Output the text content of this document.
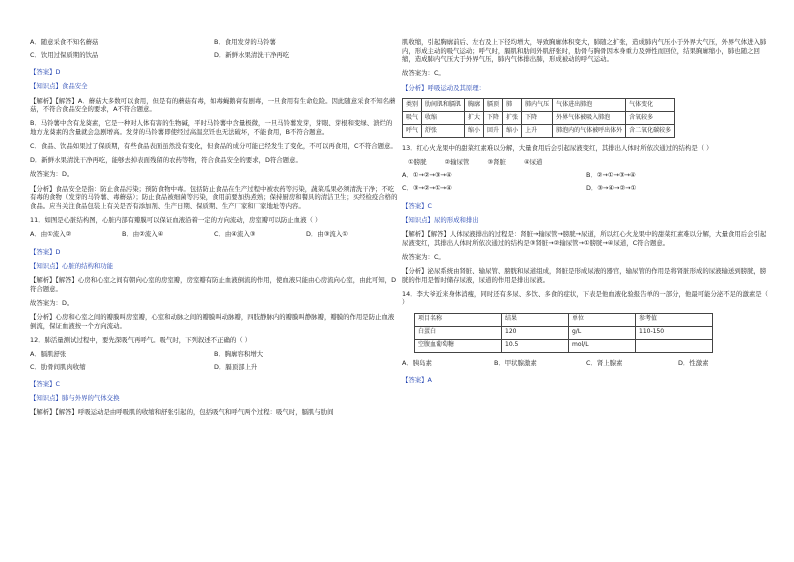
A．随意采食不知名蘑菇	B．食用发芽的马铃薯
C．饮用过保质期的饮品	D．新鲜水果清洗干净再吃

【答案】D

【知识点】食品安全

【解析】【解答】A．蘑菇大多数可以食用，但是有的蘑菇有毒，如毒蝇鹅膏有剧毒，一旦食用有生命危险。因此随意采食不知名蘑菇，不符合食品安全的要求，A不符合题意。

B．马铃薯中含有龙葵素，它是一种对人体有害的生物碱，平时马铃薯中含量极微，一旦马铃薯发芽，芽眼、芽根和变绿、溃烂的地方龙葵素的含量就会急剧增高。发芽的马铃薯即使经过高温烹饪也无法破坏，不能食用，B不符合题意。

C．食品、饮品如果过了保质期，有些食品表面虽然没有变化，但食品的成分可能已经发生了变化，不可以再食用，C不符合题意。

D．新鲜水果清洗干净再吃，能够去掉表面残留的农药等物，符合食品安全的要求，D符合题意。

故答案为：D。

【分析】食品安全是指：防止食品污染；预防食物中毒。包括防止食品在生产过程中被农药等污染，蔬菜瓜果必须清洗干净；不吃有毒的食物（发芽的马铃薯、毒蘑菇）；防止食品被细菌等污染，食用前要加热煮熟；保持厨房和餐具的清洁卫生；买经检疫合格的食品。应当关注食品包装上有关是否有添加剂、生产日期、保质期、生产厂家和厂家地址等内容。

11．如图是心脏结构图，心脏内部有瓣膜可以保证血液沿着一定的方向流动，房室瓣可以防止血液（ ）

A．由①流入②	B．由②流入④	C．由④流入③	D．由③流入①

【答案】D

【知识点】心脏的结构和功能

【解析】【解答】心房和心室之间有朝向心室的房室瓣，房室瓣有防止血液倒流的作用，使血液只能由心房流向心室，由此可知，D符合题意。

故答案为：D。

【分析】心房和心室之间的瓣膜叫房室瓣，心室和动脉之间的瓣膜叫动脉瓣，四肢静脉内的瓣膜叫静脉瓣，瓣膜的作用是防止血液倒流，保证血液按一个方向流动。

12．肺活量测试过程中，要先深吸气再呼气。吸气时，下列叙述不正确的（ ）

A．膈肌舒张	B．胸廓容积增大
C．肋骨间肌肉收缩	D．膈顶部上升

【答案】C

【知识点】肺与外界的气体交换

【解析】【解答】呼吸运动是由呼吸肌的收缩和舒张引起的，包括吸气和呼气两个过程：吸气时，膈肌与肋间

肌收缩，引起胸廓前后、左右及上下径均增大，导致胸廓体积变大，肺随之扩张，造成肺内气压小于外界大气压，外界气体进入肺内，形成主动的吸气运动；呼气时，膈肌和肋间外肌舒张时，肋骨与胸骨因本身重力及弹性而回位，结果胸廓缩小，肺也随之回缩，造成肺内气压大于外界气压，肺内气体排出肺，形成被动的呼气运动。

故答案为：C。

【分析】呼吸运动及其原理：

类别	肋间肌和膈肌	胸廓	膈顶	肺	肺内气压	气体进出肺泡	气体变化
吸气	收缩	扩大	下降	扩张	下降	外界气体被吸入肺泡	含氧较多
呼气	舒张	缩小	回升	缩小	上升	肺泡内的气体被呼出体外	含二氧化碳较多

13．红心火龙果中的甜菜红素难以分解，大量食用后会引起尿液变红，其排出人体时所依次通过的结构是（ ）

①膀胱	②输尿管	③肾脏	④尿道
A．①→②→③→④	B．②→①→③→④
C．③→②→①→④	D．③→④→②→①

【答案】C

【知识点】尿的形成和排出

【解析】【解答】人体尿液排出的过程是：肾脏→输尿管→膀胱→尿道，所以红心火龙果中的甜菜红素难以分解，大量食用后会引起尿液变红，其排出人体时所依次通过的结构是③肾脏→②输尿管→①膀胱→④尿道，C符合题意。

故答案为：C。

【分析】泌尿系统由肾脏、输尿管、膀胱和尿道组成，肾脏是形成尿液的器官，输尿管的作用是将肾脏形成的尿液输送到膀胱，膀胱的作用是暂时储存尿液，尿道的作用是排出尿液。

14．李大爷近来身体消瘦，同时还有多尿、多饮、多食的症状，下表是他血液化验报告单的一部分，他最可能分泌不足的激素是（ ）

项目名称	结果	单位	参考值
白蛋白	120	g/L	110-150
空腹血葡萄糖	10.5	mol/L	
A．胰岛素	B．甲状腺激素	C．肾上腺素	D．性激素

【答案】A
